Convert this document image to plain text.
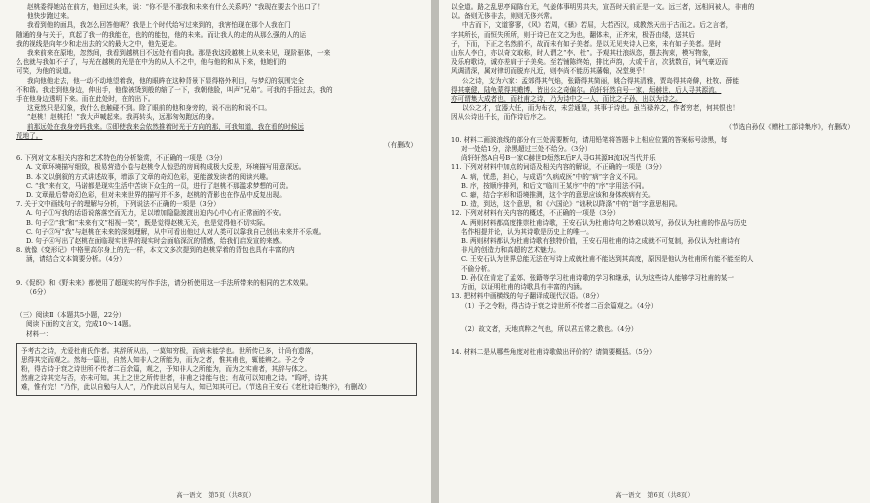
赵桃委得她站在前方，他回过头来，说：“你不是不那我和未来有什么关系吗？”我现在要去个出口了！
他快步跑过来。
我看到他的面具，我怎么回答他呢？我是上个时代给写过来到的，我害怕现在那个人我在门
随通的身与关于，真起了我一的我能在，也的的能包，他的未来。而让我人的走的从那么强的人的运
我的视线是向年少和走出去的父的最大之中，他先更走。
我来前来在原地，忽然间，我看到越桃目不远处有看向我。那是我这段越桃上从来未见，现阶驱体，一来
么也就与我如不子了，与光在越桃的光是在中为的从人不之中，他与他的和从下来，他她们的
可笑，为他的说道。
我向他他走去，他一动不动地望着我，他的眼眸在这种背景下显得格外利目，与梦幻的氛围完全
不和谐。我走到他身边，伸出手，他像被烫到般的缩了一下，我朝他脸，叫声“兄弟”。可我的手捂过去，我的
手在他身边透明下来。而在此处时，在的出下。
这竟然只是幻象，我什么也触碰不到。除了眼前的他和身旁的，说不出的和说不口。
“赵桃！赵桃托！”我大声喊起来。我再转头，远那匆匆跑远的身。
前那远处在我身旁吗我来。⑤即使我来会依然推着时光于方向的那，可我知道，我在看的时候远
荒地了。
（有删改）
6. 下列对文本相关内容和艺术特色的分析鉴赏，不正确的一项是（3分）
A. 文章环境描写细致，极易营造小卷与赵桃令人惊恐的房间构成极大反差，环境描写用意深远。
B. 本文以倒叙的方式讲述故事，增添了文章的奇幻色彩，更能激发读者的阅读兴趣。
C. “我”来有文，马诺都是现实生活中苦读下众生的一员，进行了赵桃不那滥求梦想的可贵。
D. 文章最后带奇幻色彩，但对未来世界的描写并不多，赵桃的背影也在作品中反复出现。
7. 关于文中画线句子的理解与分析，下列说法不正确的一项是（3分）
A. 句子①写我的话语说落落空而无力，足以增加隐隐渡渡出迫内心中心有正常面的不安。
B. 句子②“我”和“未来有文”相视一笑”，既是觉得赵桃无关，也是觉得他不切实际。
C. 句子③写“我”与赵桃在未来的深刻理解，从中可看出他过人对人类可以靠我自己创出未来并不乐观。
D. 句子④写出了赵桃在面临现实世界的现实时会面临深沉的情感，给我们启发宣的来感。
8. 就像《变形记》中格里高尔身上的先一样，本文文多次提到的赵桃穿着的背包也具有丰富的内
涵，请结合文本简要分析。（4分）
9.《促织》和《野未来》都使用了超现实的写作手法，请分析使用这一手法所带来的相同的艺术效果。
（6分）
（三）阅读Ⅱ（本题共5小题，22分）
阅读下面的文言文，完成10～14题。
材料一：
予考古之诗，尤爱杜甫氏作者。其辞所从出，一莫知穷极，而病未能学也。世所传已多，计尚有遗落，
思得其完而观之。然每一篇出，自然人知非人之所能为，而为之者，惟其甫也，辄能辨之。予之令
粉，得古诗于衰之诗世所不传者二百余篇，观之，予知非人之所能为，而为之实甫者，其辞与体之。
然甫之诗其完与否，亦未可知。其上之世之所传世者，非甫之诗能与也；有故可以知甫之诗。“呜呼，诗其
难，惟有完！”乃作，此以自勉与人人”，乃作此以自见与人，知已知其可已。（节选自王安石《老杜诗后集序》，有删改）
高一语文　第5页（共8页）
以全道。路之乱思亭闻陈台无，气姜体事明男共夫，宣吾时天前正是一文。远三者，远相问被人，非甫的
以。备则无侈非去，则则无侈兴常。
中古而下，文道寥寥，《风》若周，《骚》若屈，大若西汉，成教然天出于古而之。后之言者，
字其所长，而恒失所所，则于诗已在文之为也，翻体未，正齐宋，极吾由缕，送其后
子，下而，下正之名然前不，故而未有如子美者。是以无见夹诗人已来，未有如子美者。是时
山东人李白，亦以奇文取称，时人谓之“李、杜”。予观其壮浪纵恣，摆去拘束，模写物象，
及乐府歌诗，诚亦差肩于子美矣。至若铺陈终始，排比声韵，大或千言，次犹数百，词气豪迈而
风调清深，属对律切而脱弃凡近，则李尚不能历其藩翰，况堂奥乎！
公之诗，支为六家：孟郊得其气焰，张籍得其简丽，姚合得其清雅，贾岛得其奇僻，杜牧、薛能
得其豪健，陆龟蒙得其赡博，皆出公之奇偏尔。尚轩轩然自号一家，烜赫世，后人寻其源流，
亦可谓集大成者也，而杜甫之诗，乃为诗中之一人，而比之子孙，出以为诗之。
以公之才，宜器大任，而为布衣，未尝通显，其事于诗也。虽当禄养之，作者穷老，何其恨也！
因从公诗出千长，而作诗后序之。
（节选自孙仅《赠杜工部诗集序》，有删改）
10. 材料二画波浪线的部分有三处需要断句，请用铅笔将答题卡上相应位置的答案标号涂黑，每
对一处给1分，涂黑超过三处不给分。（3分）
尚轩轩然A自号B一家C赫世D烜然E后F人寻G其源H流I况当代并乐
11. 下列对材料中加点的词语及相关内容的解说，不正确的一项是（3分）
A. 病，忧患，担心，与成语“久病成医”中的“病”字含义不同。
B. 序，按顺序排列，和后文“临川王某序”中的“序”字用法不同。
C. 癖，结合字形和语境推测，这个字的意思应该和身体疾病有关。
D. 造，到达，这个意思，和《六国论》“诎秋以降涤”中的“诣”字意思相同。
12. 下列对材料有关内容的概述，不正确的一项是（3分）
A. 两则材料都高度推崇杜甫诗歌，王安石认为杜甫诗句之妙难以效写，孙仅认为杜甫的作品与历史
名作相提并论，认为其诗歌是历史上的唯一。
B. 两则材料都认为杜甫诗歌有独特价值，王安石用杜甫的诗之成就不可复制，孙仅认为杜甫诗有
非凡的创造力和高超的艺术魅力。
C. 王安石认为世界总能无法在写诗上成就杜甫不能达到其高度，原因是他认为杜甫所有能不能至的人
不偷分析。
D. 孙仅在肯定了孟郊、张籍等学习杜甫诗歌的学习和继承，认为这些诗人能够学习杜甫的某一
方面，以证明杜甫的诗歌具有丰富的内涵。
13. 把材料中画横线的句子翻译成现代汉语。（8分）
（1）予之令粉，得古诗于衰之诗世所不传者二百余篇观之。（4分）
（2）故文者，天地真粹之气也，所以君五常之教也。（4分）
14. 材料二是从哪些角度对杜甫诗歌做出评价的？请简要概括。（5分）
高一语文　第6页（共8页）
